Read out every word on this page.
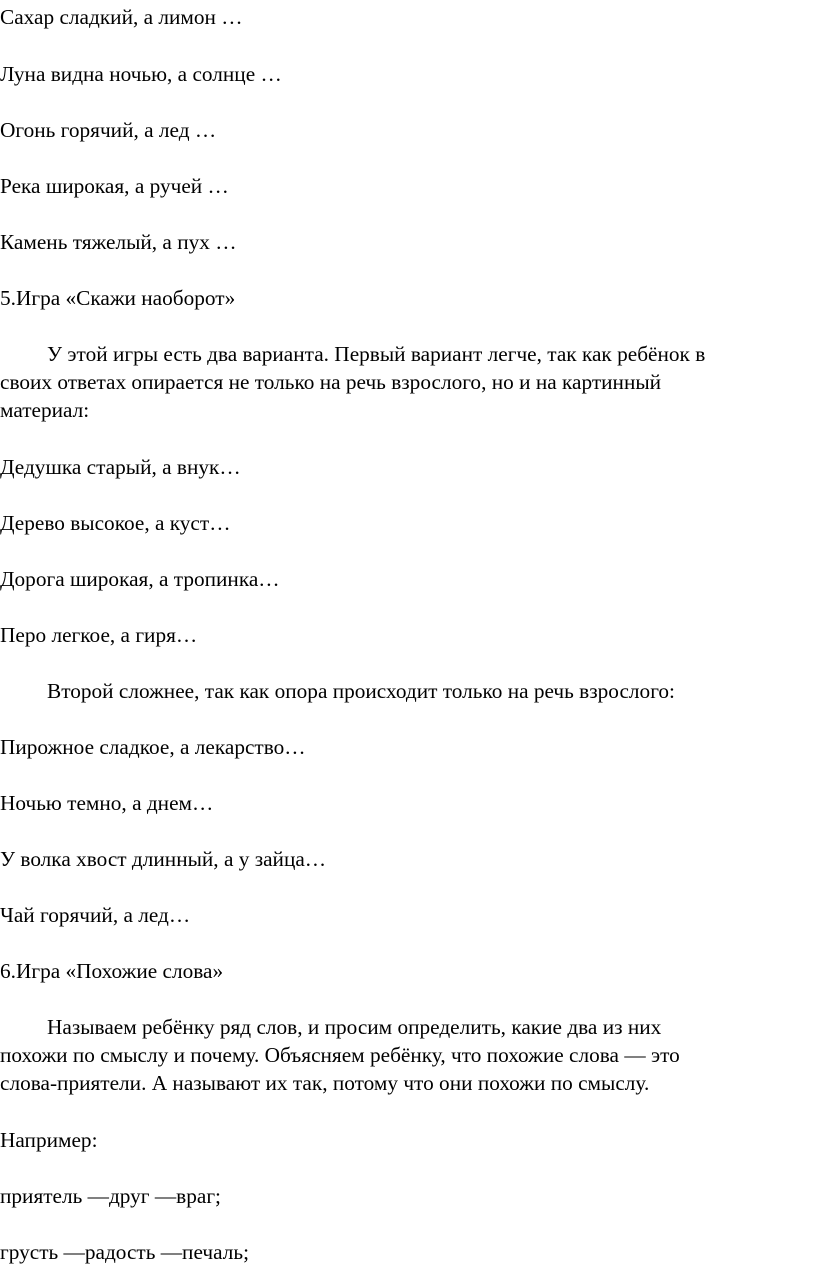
Сахар сладкий, а лимон …

Луна видна ночью, а солнце …

Огонь горячий, а лед …

Река широкая, а ручей …

Камень тяжелый, а пух …

5.Игра «Скажи наоборот»

У этой игры есть два варианта. Первый вариант легче, так как ребёнок в

своих ответах опирается не только на речь взрослого, но и на картинный

материал:

Дедушка старый, а внук…

Дерево высокое, а куст…

Дорога широкая, а тропинка…

Перо легкое, а гиря…

Второй сложнее, так как опора происходит только на речь взрослого:

Пирожное сладкое, а лекарство…

Ночью темно, а днем…

У волка хвост длинный, а у зайца…

Чай горячий, а лед…

6.Игра «Похожие слова»

Называем ребёнку ряд слов, и просим определить, какие два из них

похожи по смыслу и почему. Объясняем ребёнку, что похожие слова — это

слова-приятели. А называют их так, потому что они похожи по смыслу.

Например:

приятель —друг —враг;

грусть —радость —печаль;
